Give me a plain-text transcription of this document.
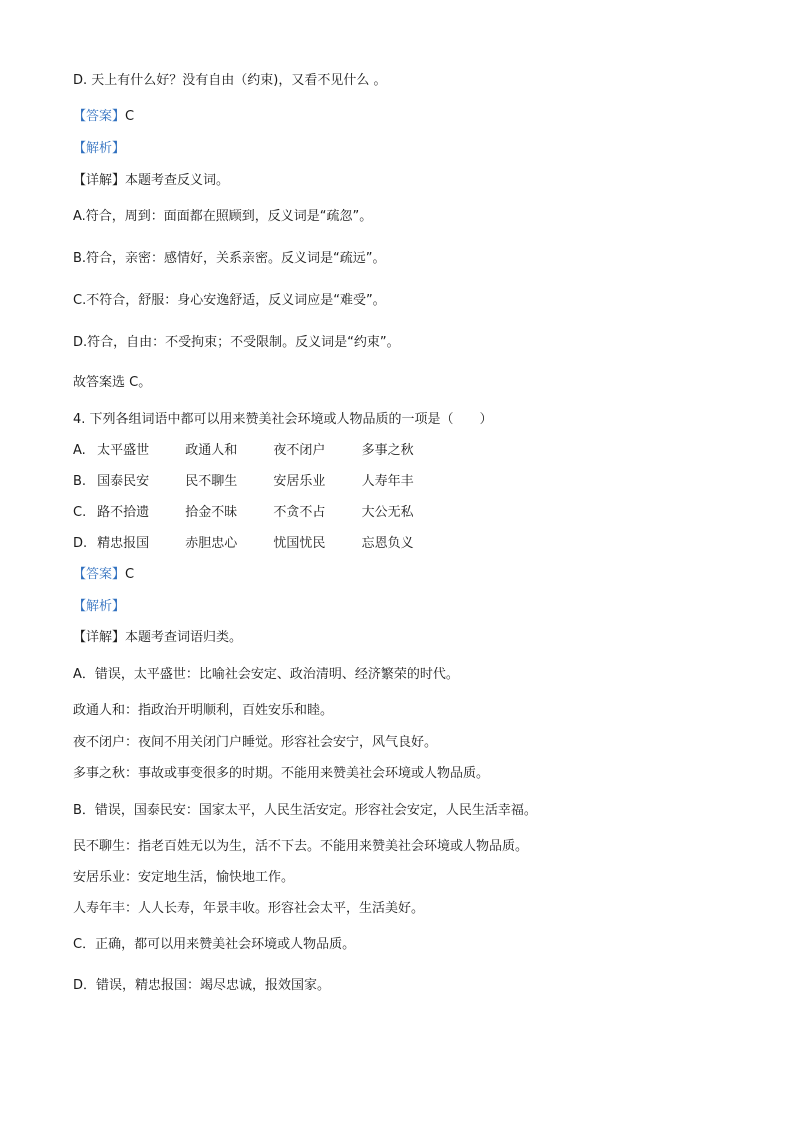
D. 天上有什么好？没有自由（约束)，又看不见什么 。
【答案】C
【解析】
【详解】本题考查反义词。
A.符合，周到：面面都在照顾到，反义词是“疏忽”。
B.符合，亲密：感情好，关系亲密。反义词是“疏远”。
C.不符合，舒服：身心安逸舒适，反义词应是“难受”。
D.符合，自由：不受拘束；不受限制。反义词是“约束”。
故答案选 C。
4. 下列各组词语中都可以用来赞美社会环境或人物品质的一项是（　　）
A. 太平盛世	政通人和	夜不闭户	多事之秋
B. 国泰民安	民不聊生	安居乐业	人寿年丰
C. 路不拾遗	拾金不昧	不贪不占	大公无私
D. 精忠报国	赤胆忠心	忧国忧民	忘恩负义
【答案】C
【解析】
【详解】本题考查词语归类。
A．错误，太平盛世：比喻社会安定、政治清明、经济繁荣的时代。
政通人和：指政治开明顺利，百姓安乐和睦。
夜不闭户：夜间不用关闭门户睡觉。形容社会安宁，风气良好。
多事之秋：事故或事变很多的时期。不能用来赞美社会环境或人物品质。
B．错误，国泰民安：国家太平，人民生活安定。形容社会安定，人民生活幸福。
民不聊生：指老百姓无以为生，活不下去。不能用来赞美社会环境或人物品质。
安居乐业：安定地生活，愉快地工作。
人寿年丰：人人长寿，年景丰收。形容社会太平，生活美好。
C．正确，都可以用来赞美社会环境或人物品质。
D．错误，精忠报国：竭尽忠诚，报效国家。
